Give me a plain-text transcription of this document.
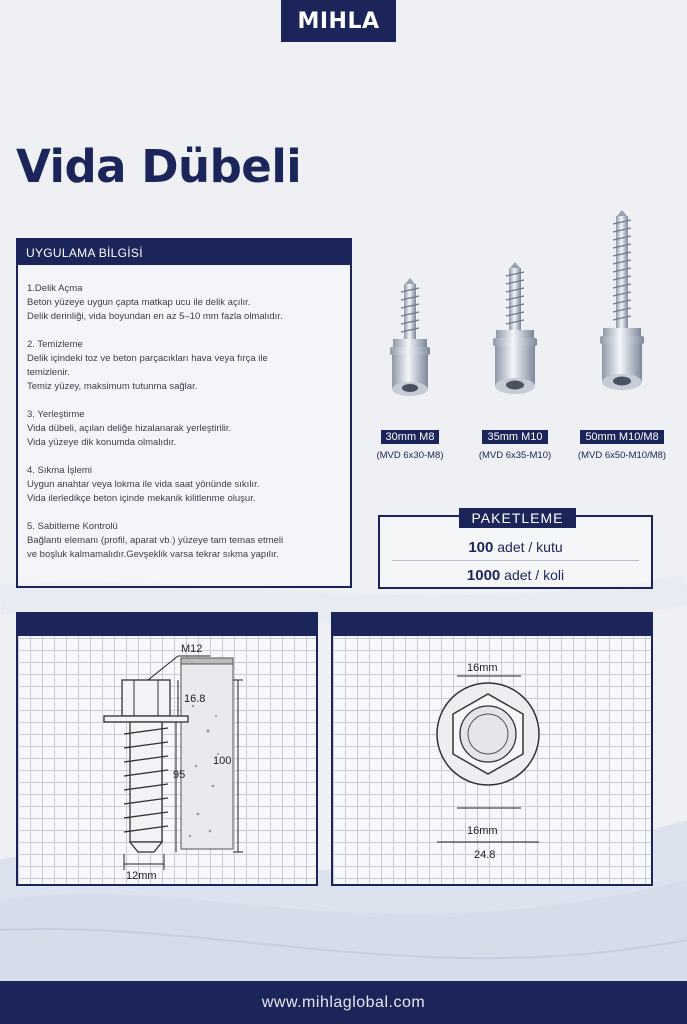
MIHLA
Vida Dübeli
UYGULAMA BİLGİSİ
1.Delik Açma
Beton yüzeye uygun çapta matkap ucu ile delik açılır.
Delik derinliği, vida boyundan en az 5–10 mm fazla olmalıdır.
2. Temizleme
Delik içindeki toz ve beton parçacıkları hava veya fırça ile
temizlenir.
Temiz yüzey, maksimum tutunma sağlar.
3. Yerleştirme
Vida dübeli, açılan deliğe hizalanarak yerleştirilir.
Vida yüzeye dik konumda olmalıdır.
4. Sıkma İşlemi
Uygun anahtar veya lokma ile vida saat yönünde sıkılır.
Vida ilerledikçe beton içinde mekanik kilitlenme oluşur.
5. Sabitleme Kontrolü
Bağlantı elemanı (profil, aparat vb.) yüzeye tam temas etmeli
ve boşluk kalmamalıdır.Gevşeklik varsa tekrar sıkma yapılır.
30mm M8
(MVD 6x30-M8)
35mm M10
(MVD 6x35-M10)
50mm M10/M8
(MVD 6x50-M10/M8)
PAKETLEME
100 adet / kutu
1000 adet / koli
M12
16.8
100
95
12mm
16mm
16mm
24.8
www.mihlaglobal.com
